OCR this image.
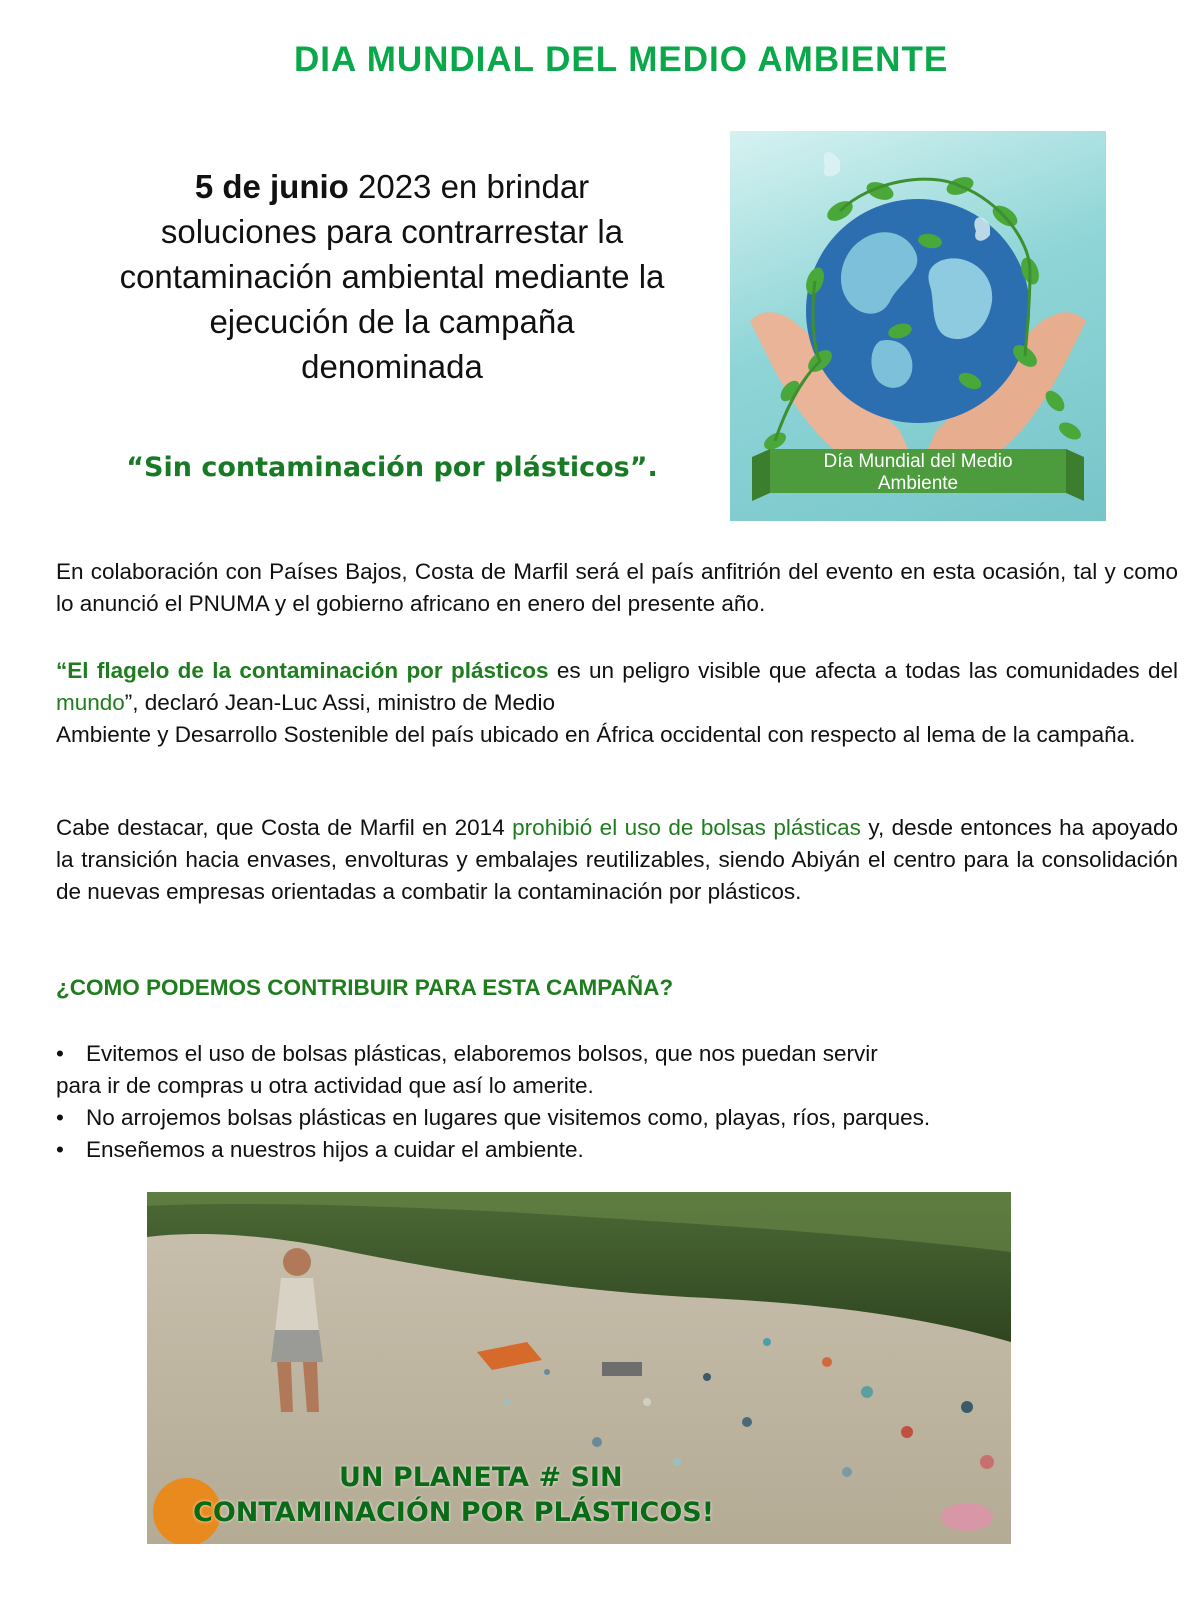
DIA MUNDIAL DEL MEDIO AMBIENTE
5 de junio 2023 en brindar
soluciones para contrarrestar la
contaminación ambiental mediante la
ejecución de la campaña
denominada
“Sin contaminación por plásticos”.	Día Mundial del Medio
Ambiente
En colaboración con Países Bajos, Costa de Marfil será el país anfitrión del evento en esta ocasión, tal y como lo anunció el PNUMA y el gobierno africano en enero del presente año.
“El flagelo de la contaminación por plásticos es un peligro visible que afecta a todas las comunidades del mundo”, declaró Jean-Luc Assi, ministro de Medio
Ambiente y Desarrollo Sostenible del país ubicado en África occidental con respecto al lema de la campaña.
Cabe destacar, que Costa de Marfil en 2014 prohibió el uso de bolsas plásticas y, desde entonces ha apoyado la transición hacia envases, envolturas y embalajes reutilizables, siendo Abiyán el centro para la consolidación de nuevas empresas orientadas a combatir la contaminación por plásticos.
¿COMO PODEMOS CONTRIBUIR PARA ESTA CAMPAÑA?
• Evitemos el uso de bolsas plásticas, elaboremos bolsos, que nos puedan servir
para ir de compras u otra actividad que así lo amerite.
• No arrojemos bolsas plásticas en lugares que visitemos como, playas, ríos, parques.
• Enseñemos a nuestros hijos a cuidar el ambiente.
UN PLANETA # SIN
CONTAMINACIÓN POR PLÁSTICOS!
